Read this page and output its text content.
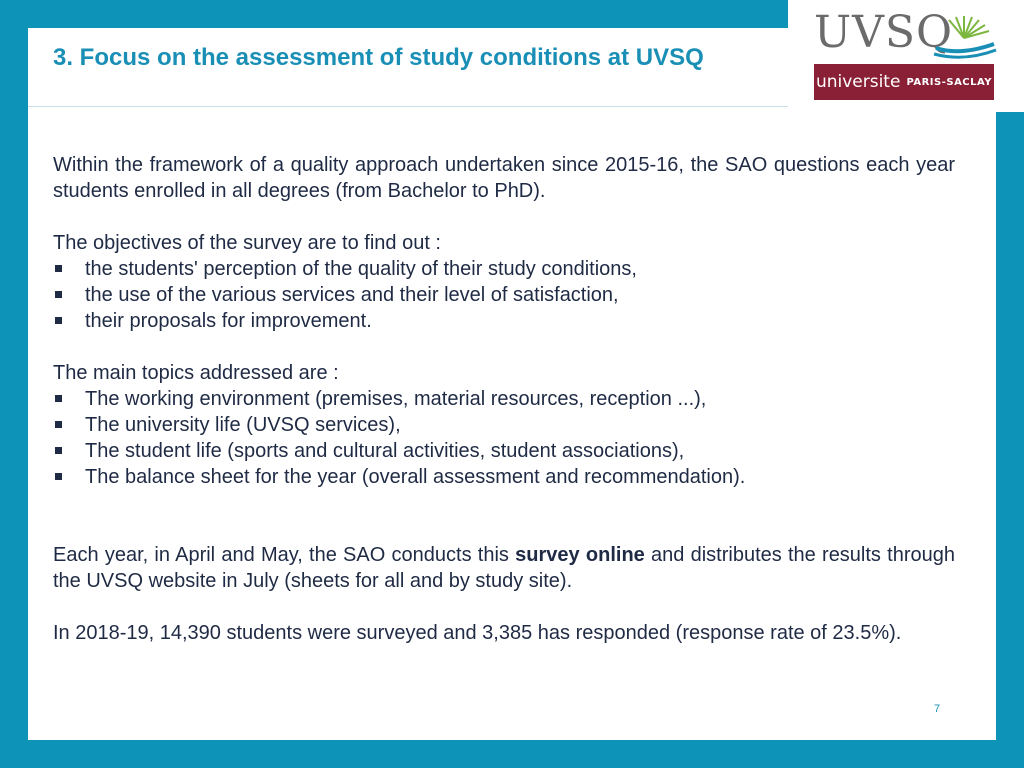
UVSQ
universite PARIS-SACLAY
3. Focus on the assessment of study conditions at UVSQ

Within the framework of a quality approach undertaken since 2015-16, the SAO questions each year students enrolled in all degrees (from Bachelor to PhD).

The objectives of the survey are to find out :

the students' perception of the quality of their study conditions,
the use of the various services and their level of satisfaction,
their proposals for improvement.

The main topics addressed are :

The working environment (premises, material resources, reception ...),
The university life (UVSQ services),
The student life (sports and cultural activities, student associations),
The balance sheet for the year (overall assessment and recommendation).

Each year, in April and May, the SAO conducts this survey online and distributes the results through the UVSQ website in July (sheets for all and by study site).

In 2018-19, 14,390 students were surveyed and 3,385 has responded (response rate of 23.5%).

7
